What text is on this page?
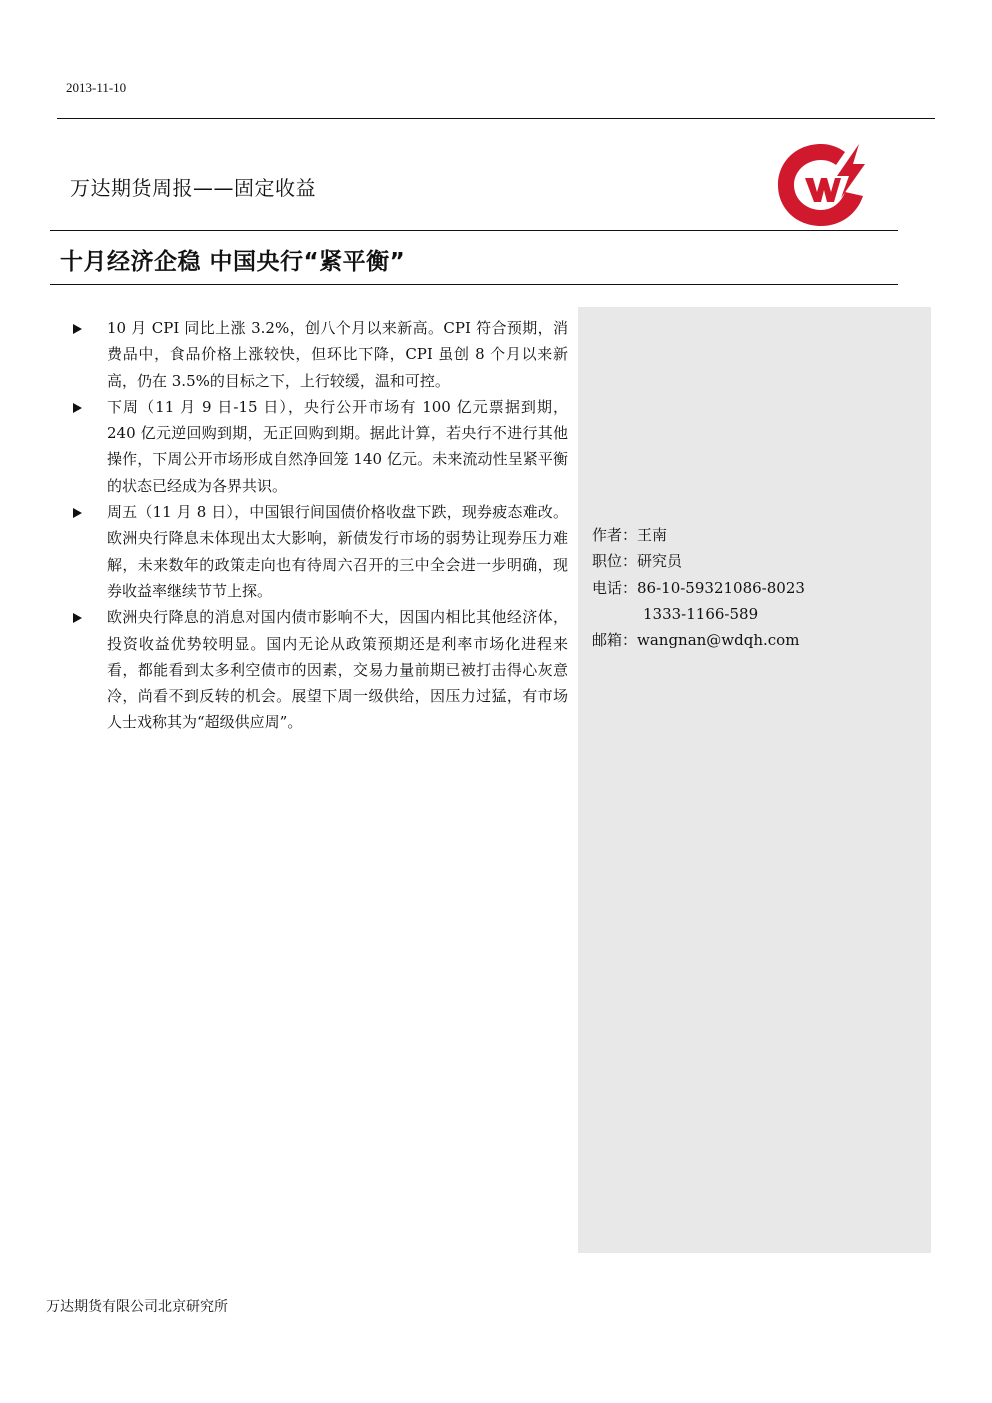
2013-11-10
万达期货周报——固定收益
十月经济企稳 中国央行“紧平衡”
10 月 CPI 同比上涨 3.2%，创八个月以来新高。CPI 符合预期，消费品中，食品价格上涨较快，但环比下降，CPI 虽创 8 个月以来新高，仍在 3.5%的目标之下，上行较缓，温和可控。
下周（11 月 9 日-15 日），央行公开市场有 100 亿元票据到期，240 亿元逆回购到期，无正回购到期。据此计算，若央行不进行其他操作，下周公开市场形成自然净回笼 140 亿元。未来流动性呈紧平衡的状态已经成为各界共识。
周五（11 月 8 日），中国银行间国债价格收盘下跌，现券疲态难改。欧洲央行降息未体现出太大影响，新债发行市场的弱势让现券压力难解，未来数年的政策走向也有待周六召开的三中全会进一步明确，现券收益率继续节节上探。
欧洲央行降息的消息对国内债市影响不大，因国内相比其他经济体，投资收益优势较明显。国内无论从政策预期还是利率市场化进程来看，都能看到太多利空债市的因素，交易力量前期已被打击得心灰意冷，尚看不到反转的机会。展望下周一级供给，因压力过猛，有市场人士戏称其为“超级供应周”。
作者：王南
职位：研究员
电话：86-10-59321086-8023
1333-1166-589
邮箱：wangnan@wdqh.com
万达期货有限公司北京研究所
